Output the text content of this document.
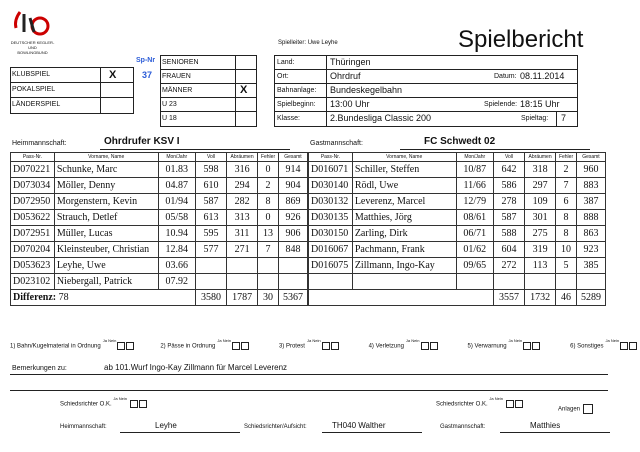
DEUTSCHER KEGLER- UND
BOWLINGBUND
Spielleiter: Uwe Leyhe	Spielbericht
Sp-Nr
37
KLUBSPIEL	X
POKALSPIEL
LÄNDERSPIEL
SENIOREN
FRAUEN
MÄNNER	X
U 23
U 18
Land:	Thüringen
Ort:	Ohrdruf	Datum: 08.11.2014
Bahnanlage: Bundeskegelbahn
Spielbeginn: 13:00 Uhr	Spielende: 18:15 Uhr
Klasse:	2.Bundesliga Classic 200	Spieltag: 7
Heimmannschaft:	Ohrdrufer KSV I	Gastmannschaft:	FC Schwedt 02
Pass-Nr.	Vorname, Name	Mon/Jahr	Voll	Abräumen	Fehler	Gesamt
D070221	Schunke, Marc	01.83	598	316	0	914
D073034	Möller, Denny	04.87	610	294	2	904
D072950	Morgenstern, Kevin	01/94	587	282	8	869
D053622	Strauch, Detlef	05/58	613	313	0	926
D072951	Müller, Lucas	10.94	595	311	13	906
D070204	Kleinsteuber, Christian	12.84	577	271	7	848
D053623	Leyhe, Uwe	03.66				
D023102	Niebergall, Patrick	07.92				
Differenz: 78			3580	1787	30	5367
Pass-Nr.	Vorname, Name	Mon/Jahr	Voll	Abräumen	Fehler	Gesamt
D016071	Schiller, Steffen	10/87	642	318	2	960
D030140	Rödl, Uwe	11/66	586	297	7	883
D030132	Leverenz, Marcel	12/79	278	109	6	387
D030135	Matthies, Jörg	08/61	587	301	8	888
D030150	Zarling, Dirk	06/71	588	275	8	863
D016067	Pachmann, Frank	01/62	604	319	10	923
D016075	Zillmann, Ingo-Kay	09/65	272	113	5	385

			3557	1732	46	5289
1) Bahn/Kugelmaterial in Ordnung$^{Ja Nein}$
2) Pässe in Ordnung$^{Ja Nein}$
3) Protest$^{Ja Nein}$
4) Verletzung$^{Ja Nein}$
5) Verwarnung$^{Ja Nein}$
6) Sonstiges$^{Ja Nein}$
Bemerkungen zu:	ab 101.Wurf Ingo-Kay Zillmann für Marcel Leverenz
Schiedsrichter O.K. $^{Ja Nein}$
Schiedsrichter O.K. $^{Ja Nein}$
Anlagen
Heimmannschaft:	Leyhe	Schiedsrichter/Aufsicht:	TH040 Walther	Gastmannschaft:	Matthies
